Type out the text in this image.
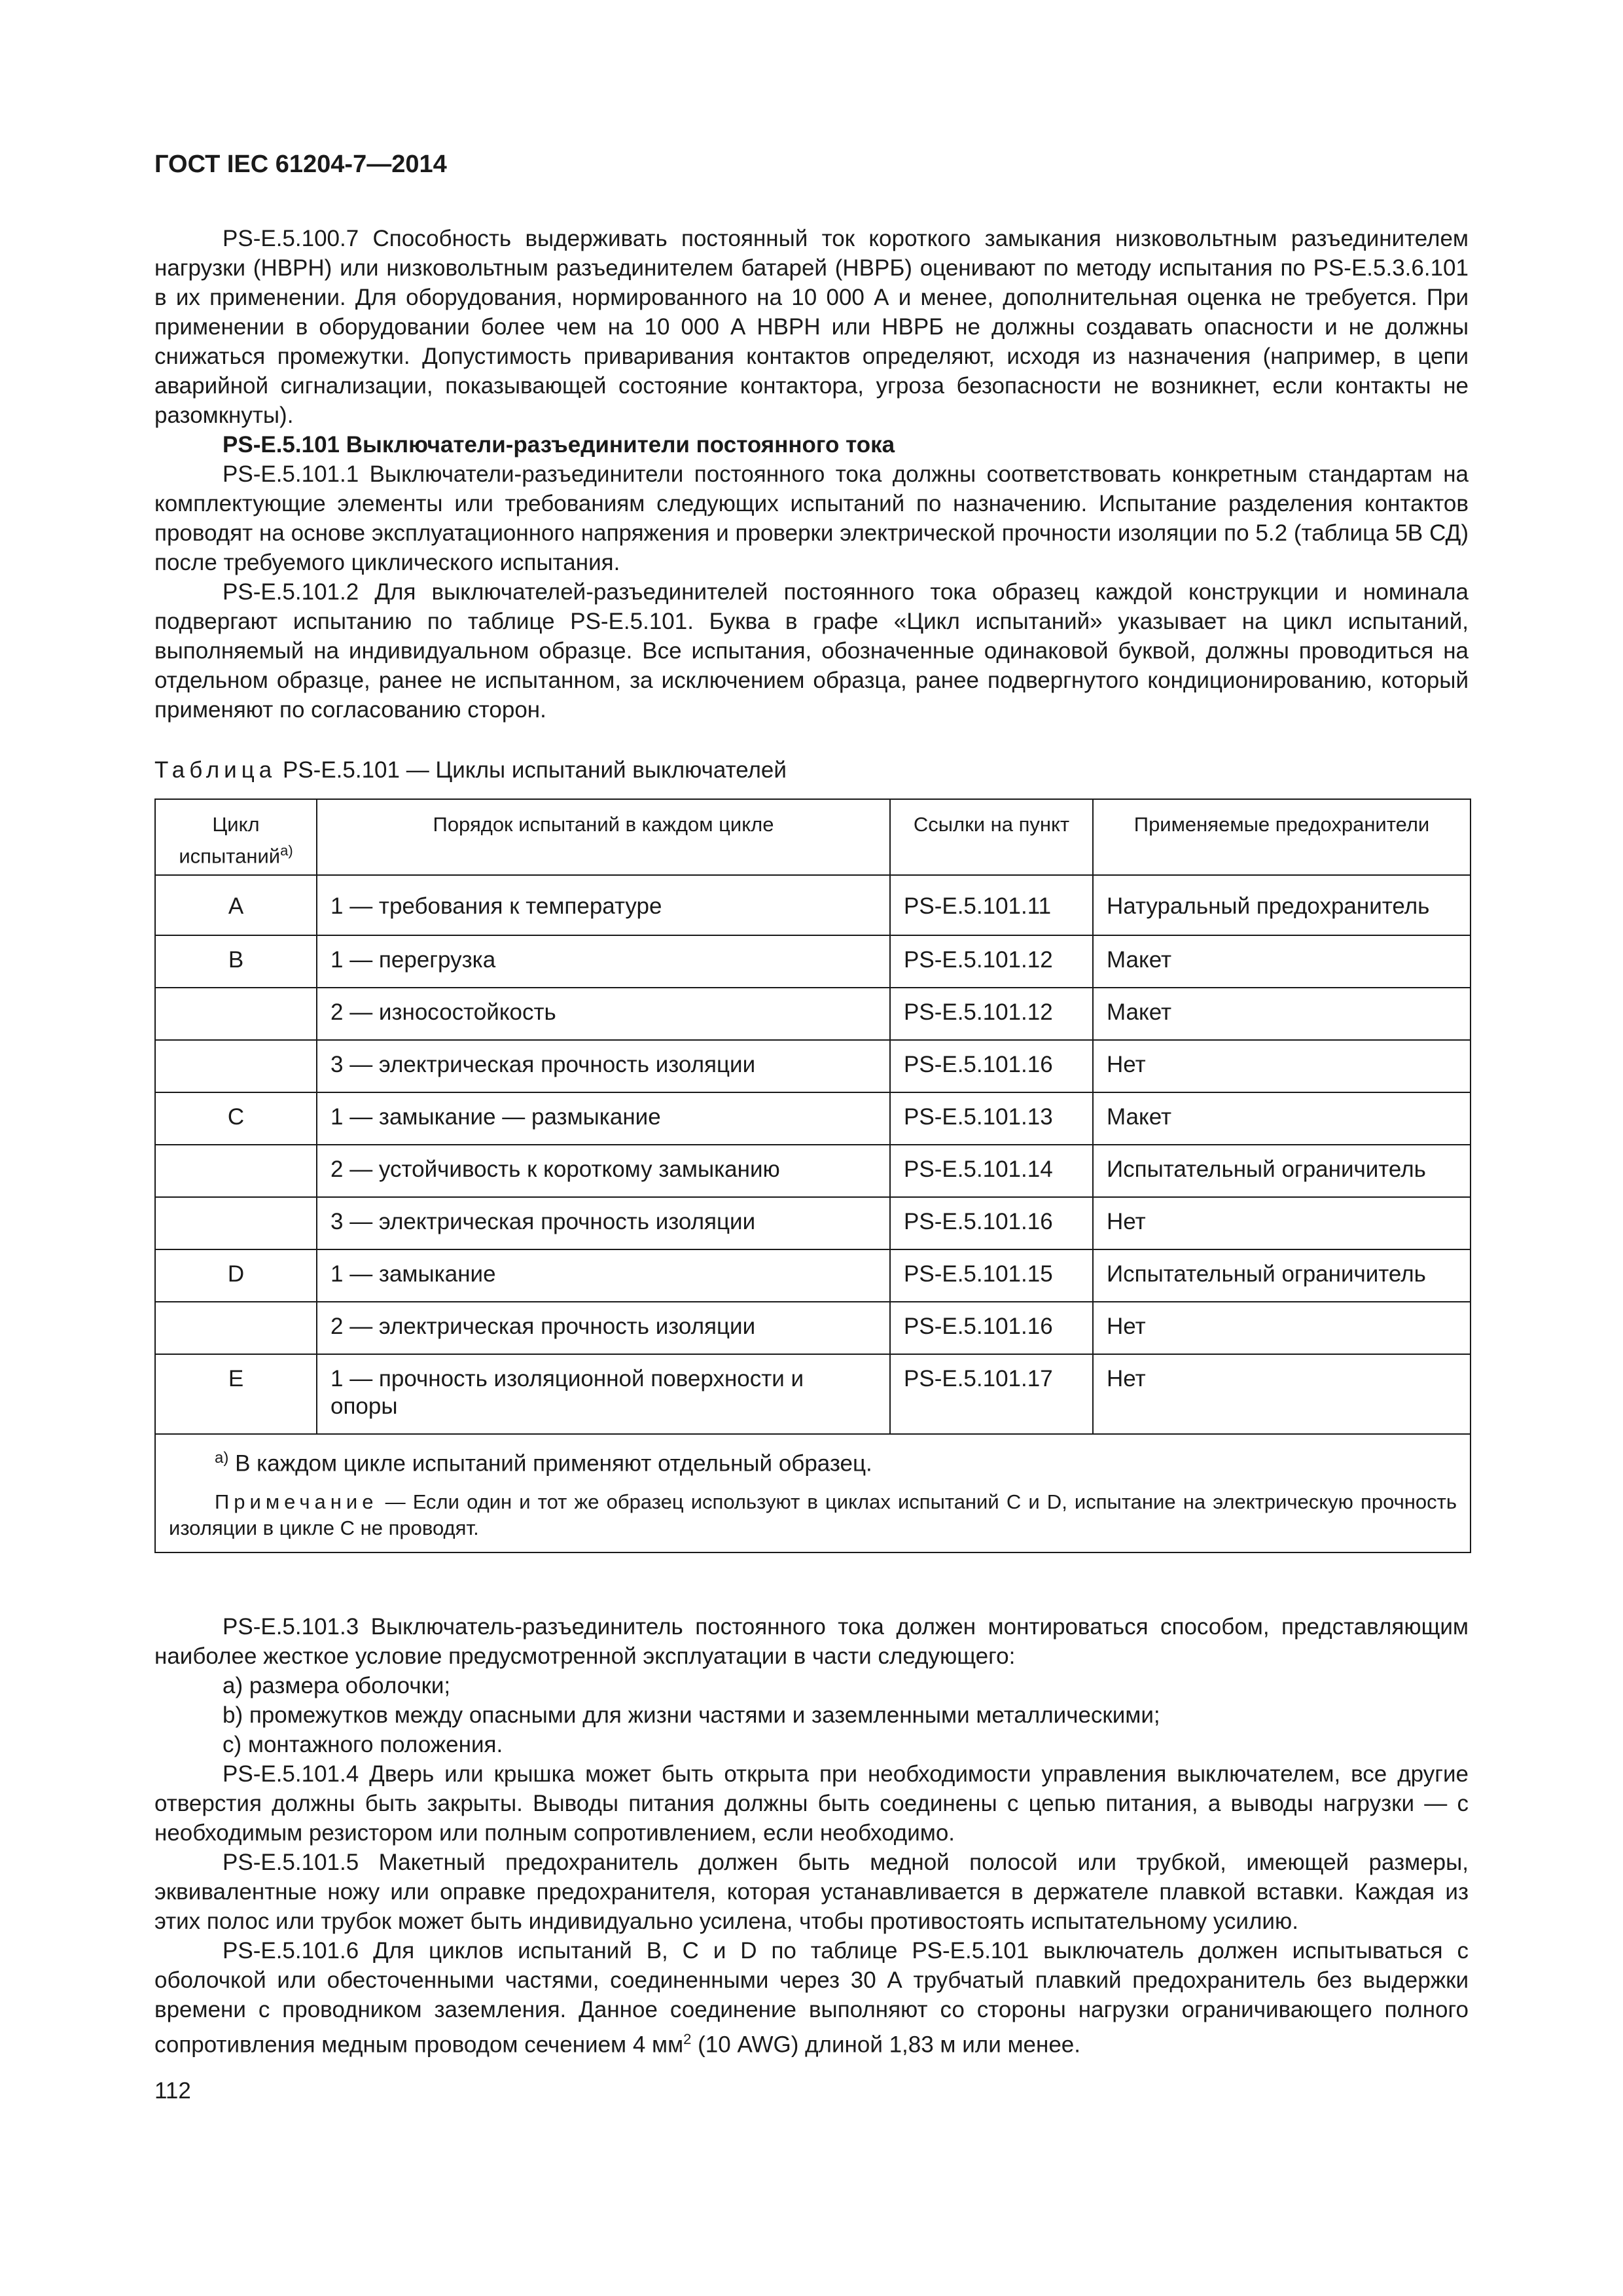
ГОСТ IEC 61204-7—2014

PS-E.5.100.7 Способность выдерживать постоянный ток короткого замыкания низковольтным разъединителем нагрузки (НВРН) или низковольтным разъединителем батарей (НВРБ) оценивают по методу испытания по PS-E.5.3.6.101 в их применении. Для оборудования, нормированного на 10 000 А и менее, дополнительная оценка не требуется. При применении в оборудовании более чем на 10 000 А НВРН или НВРБ не должны создавать опасности и не должны снижаться промежутки. Допустимость приваривания контактов определяют, исходя из назначения (например, в цепи аварийной сигнализации, показывающей состояние контактора, угроза безопасности не возникнет, если контакты не разомкнуты).

PS-E.5.101 Выключатели-разъединители постоянного тока

PS-E.5.101.1 Выключатели-разъединители постоянного тока должны соответствовать конкретным стандартам на комплектующие элементы или требованиям следующих испытаний по назначению. Испытание разделения контактов проводят на основе эксплуатационного напряжения и проверки электрической прочности изоляции по 5.2 (таблица 5В СД) после требуемого циклического испытания.

PS-E.5.101.2 Для выключателей-разъединителей постоянного тока образец каждой конструкции и номинала подвергают испытанию по таблице PS-E.5.101. Буква в графе «Цикл испытаний» указывает на цикл испытаний, выполняемый на индивидуальном образце. Все испытания, обозначенные одинаковой буквой, должны проводиться на отдельном образце, ранее не испытанном, за исключением образца, ранее подвергнутого кондиционированию, который применяют по согласованию сторон.

Таблица PS-E.5.101 — Циклы испытаний выключателей
Цикл испытаний$^{а)}$	Порядок испытаний в каждом цикле	Ссылки на пункт	Применяемые предохранители
A	1 — требования к температуре	PS-E.5.101.11	Натуральный предохранитель
B	1 — перегрузка	PS-E.5.101.12	Макет
	2 — износостойкость	PS-E.5.101.12	Макет
	3 — электрическая прочность изоляции	PS-E.5.101.16	Нет
C	1 — замыкание — размыкание	PS-E.5.101.13	Макет
	2 — устойчивость к короткому замыканию	PS-E.5.101.14	Испытательный ограничитель
	3 — электрическая прочность изоляции	PS-E.5.101.16	Нет
D	1 — замыкание	PS-E.5.101.15	Испытательный ограничитель
	2 — электрическая прочность изоляции	PS-E.5.101.16	Нет
E	1 — прочность изоляционной поверхности и опоры	PS-E.5.101.17	Нет

$^{а)}$ В каждом цикле испытаний применяют отдельный образец.
Примечание — Если один и тот же образец используют в циклах испытаний C и D, испытание на электрическую прочность изоляции в цикле C не проводят.			

PS-E.5.101.3 Выключатель-разъединитель постоянного тока должен монтироваться способом, представляющим наиболее жесткое условие предусмотренной эксплуатации в части следующего:

а) размера оболочки;

b) промежутков между опасными для жизни частями и заземленными металлическими;

с) монтажного положения.

PS-E.5.101.4 Дверь или крышка может быть открыта при необходимости управления выключателем, все другие отверстия должны быть закрыты. Выводы питания должны быть соединены с цепью питания, а выводы нагрузки — с необходимым резистором или полным сопротивлением, если необходимо.

PS-E.5.101.5 Макетный предохранитель должен быть медной полосой или трубкой, имеющей размеры, эквивалентные ножу или оправке предохранителя, которая устанавливается в держателе плавкой вставки. Каждая из этих полос или трубок может быть индивидуально усилена, чтобы противостоять испытательному усилию.

PS-E.5.101.6 Для циклов испытаний B, C и D по таблице PS-E.5.101 выключатель должен испытываться с оболочкой или обесточенными частями, соединенными через 30 А трубчатый плавкий предохранитель без выдержки времени с проводником заземления. Данное соединение выполняют со стороны нагрузки ограничивающего полного сопротивления медным проводом сечением 4 $мм^2$ (10 AWG) длиной 1,83 м или менее.

112
